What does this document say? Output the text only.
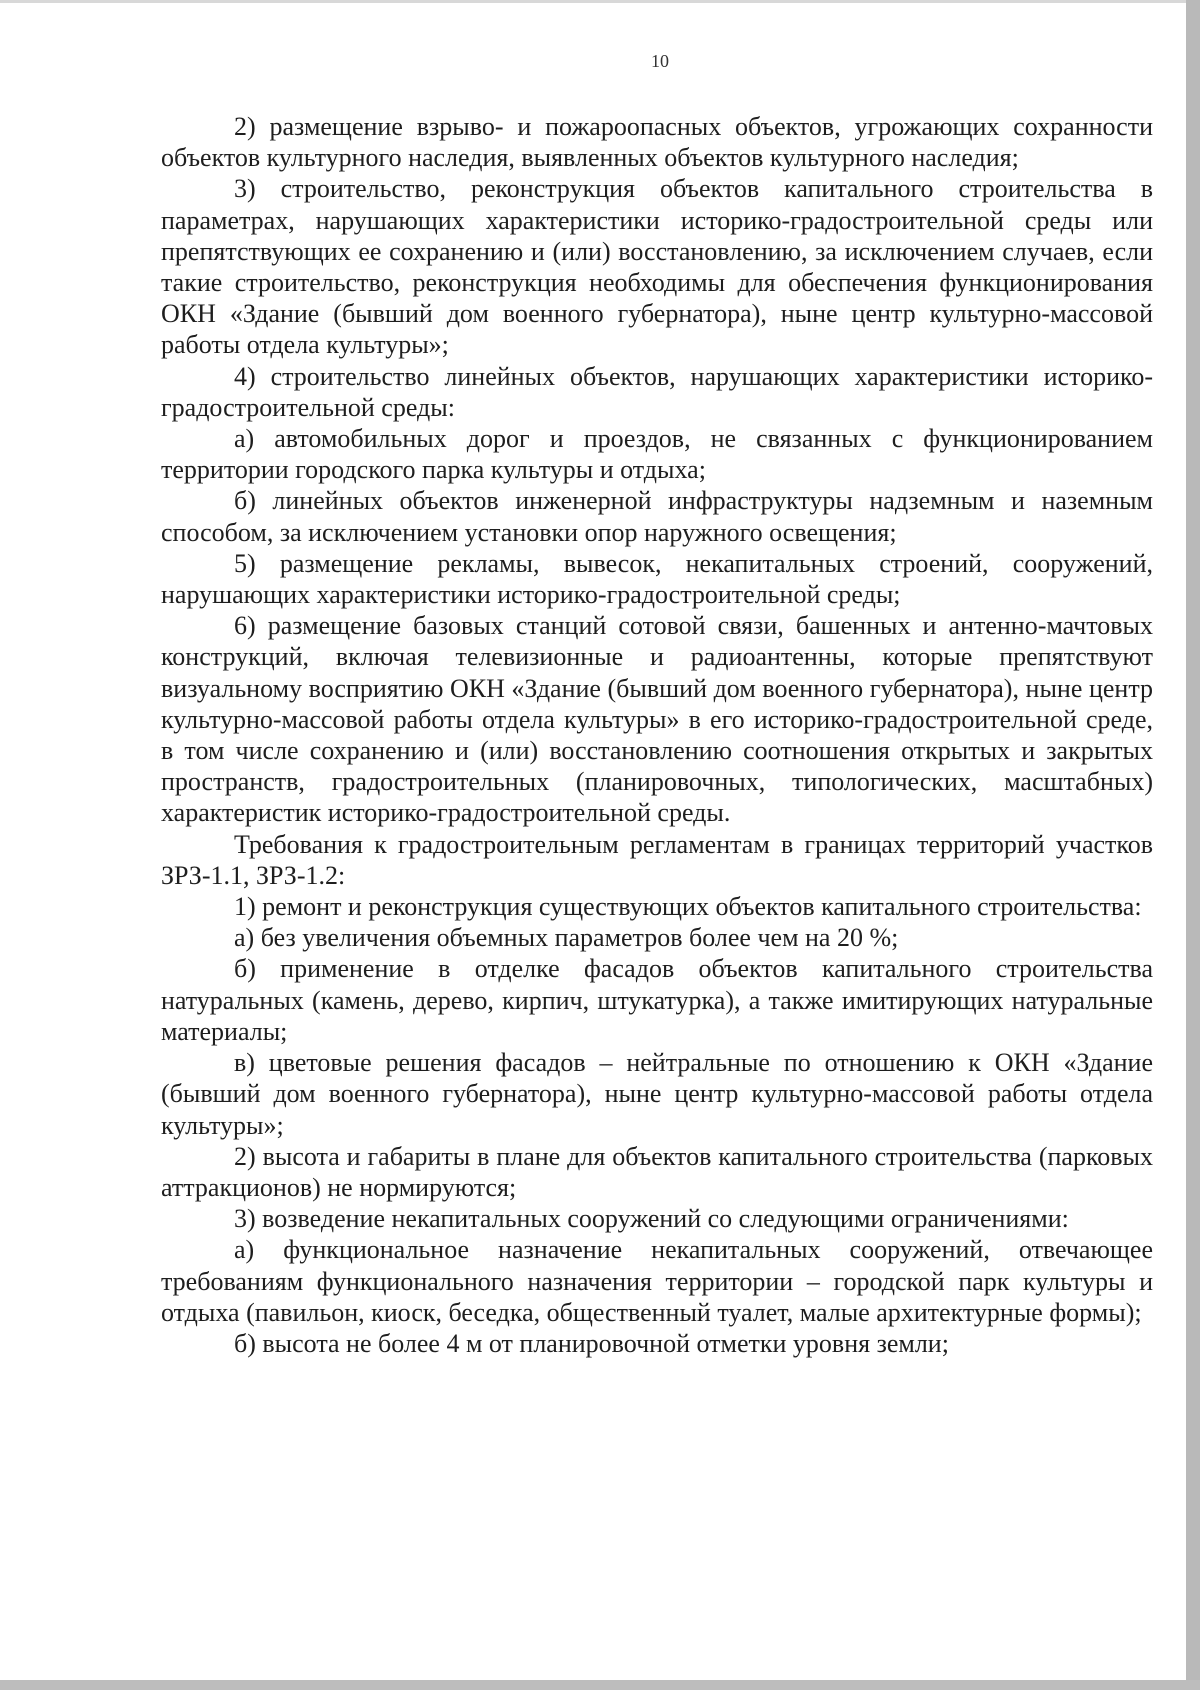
10

2) размещение взрыво- и пожароопасных объектов, угрожающих сохранности объектов культурного наследия, выявленных объектов культурного наследия;

3) строительство, реконструкция объектов капитального строительства в параметрах, нарушающих характеристики историко-градостроительной среды или препятствующих ее сохранению и (или) восстановлению, за исключением случаев, если такие строительство, реконструкция необходимы для обеспечения функционирования ОКН «Здание (бывший дом военного губернатора), ныне центр культурно-массовой работы отдела культуры»;

4) строительство линейных объектов, нарушающих характеристики историко-градостроительной среды:

а) автомобильных дорог и проездов, не связанных с функционированием территории городского парка культуры и отдыха;

б) линейных объектов инженерной инфраструктуры надземным и наземным способом, за исключением установки опор наружного освещения;

5) размещение рекламы, вывесок, некапитальных строений, сооружений, нарушающих характеристики историко-градостроительной среды;

6) размещение базовых станций сотовой связи, башенных и антенно-мачтовых конструкций, включая телевизионные и радиоантенны, которые препятствуют визуальному восприятию ОКН «Здание (бывший дом военного губернатора), ныне центр культурно-массовой работы отдела культуры» в его историко-градостроительной среде, в том числе сохранению и (или) восстановлению соотношения открытых и закрытых пространств, градостроительных (планировочных, типологических, масштабных) характеристик историко-градостроительной среды.

Требования к градостроительным регламентам в границах территорий участков ЗРЗ-1.1, ЗРЗ-1.2:

1) ремонт и реконструкция существующих объектов капитального строительства:

а) без увеличения объемных параметров более чем на 20 %;

б) применение в отделке фасадов объектов капитального строительства натуральных (камень, дерево, кирпич, штукатурка), а также имитирующих натуральные материалы;

в) цветовые решения фасадов – нейтральные по отношению к ОКН «Здание (бывший дом военного губернатора), ныне центр культурно-массовой работы отдела культуры»;

2) высота и габариты в плане для объектов капитального строительства (парковых аттракционов) не нормируются;

3) возведение некапитальных сооружений со следующими ограничениями:

а) функциональное назначение некапитальных сооружений, отвечающее требованиям функционального назначения территории – городской парк культуры и отдыха (павильон, киоск, беседка, общественный туалет, малые архитектурные формы);

б) высота не более 4 м от планировочной отметки уровня земли;
